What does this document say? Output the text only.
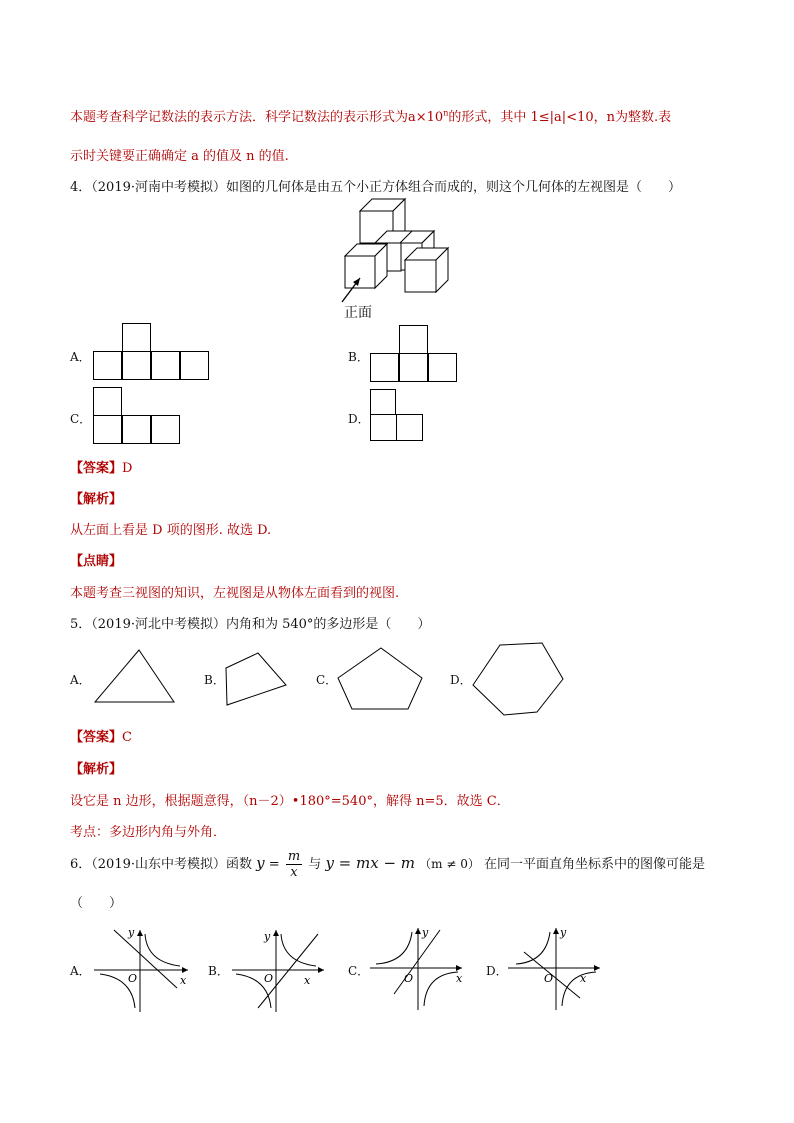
本题考查科学记数法的表示方法．科学记数法的表示形式为$a\times 10^n$的形式，其中 1≤|a|<10，n为整数.表
示时关键要正确确定 a 的值及 n 的值.
4．（2019·河南中考模拟）如图的几何体是由五个小正方体组合而成的，则这个几何体的左视图是（　　）
正面
A．	B．
C．	D．
【答案】D
【解析】
从左面上看是 D 项的图形. 故选 D.
【点睛】
本题考查三视图的知识，左视图是从物体左面看到的视图.
5．（2019·河北中考模拟）内角和为 540°的多边形是（　　）
A．	B．	C．	D．
【答案】C
【解析】
设它是 n 边形，根据题意得，（n－2）•180°=540°，解得 n=5．故选 C．
考点：多边形内角与外角．
6．（2019·山东中考模拟）函数 $y = \frac{m}{x}$ 与 y = mx − m （m ≠ 0） 在同一平面直角坐标系中的图像可能是
（　　）
A．
y
x
O
B．
y
x
O
C．
y
x
O
D．
y
x
O
